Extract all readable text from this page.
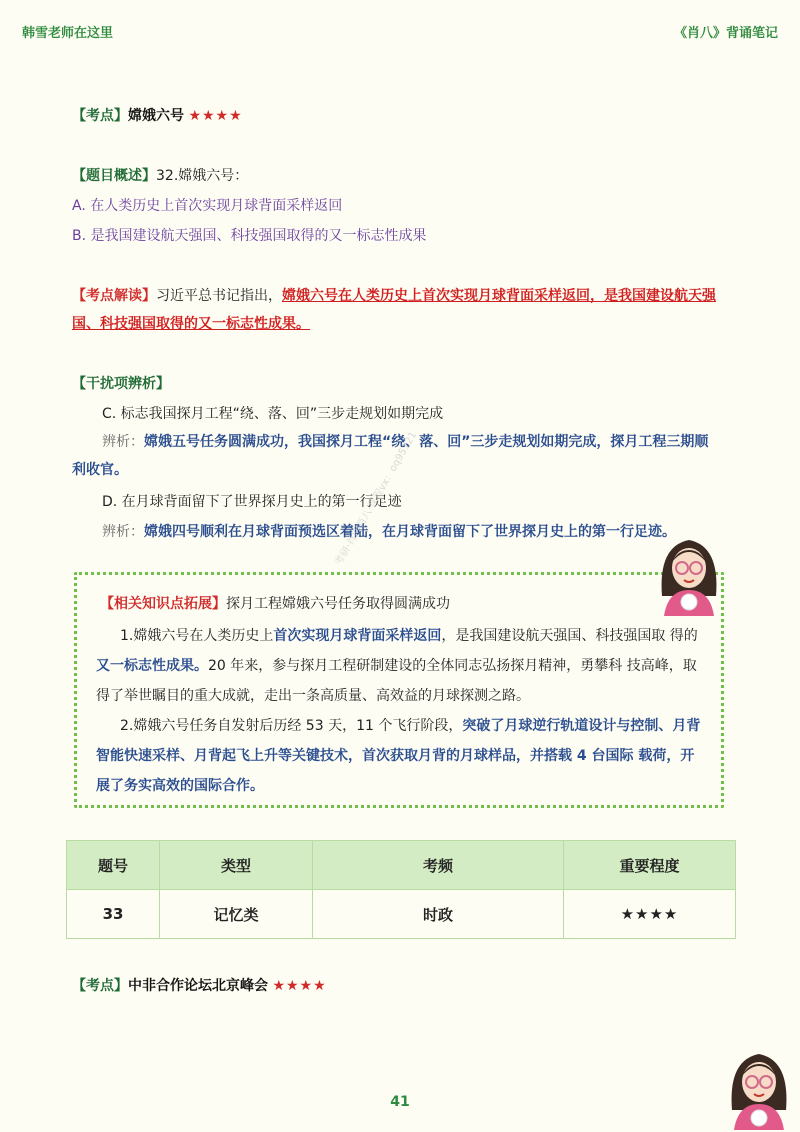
韩雪老师在这里	《肖八》背诵笔记
【考点】嫦娥六号 ★★★★
【题目概述】32.嫦娥六号：
A. 在人类历史上首次实现月球背面采样返回
B. 是我国建设航天强国、科技强国取得的又一标志性成果
【考点解读】习近平总书记指出，嫦娥六号在人类历史上首次实现月球背面采样返回，是我国建设航天强
国、科技强国取得的又一标志性成果。
【干扰项辨析】
C. 标志我国探月工程“绕、落、回”三步走规划如期完成
辨析：嫦娥五号任务圆满成功，我国探月工程“绕、落、回”三步走规划如期完成，探月工程三期顺
利收官。
D. 在月球背面留下了世界探月史上的第一行足迹
辨析：嫦娥四号顺利在月球背面预选区着陆，在月球背面留下了世界探月史上的第一行足迹。
考研·肖四肖八·课程vx：oq95121
【相关知识点拓展】探月工程嫦娥六号任务取得圆满成功
1.嫦娥六号在人类历史上首次实现月球背面采样返回，是我国建设航天强国、科技强国取 得的
又一标志性成果。20 年来，参与探月工程研制建设的全体同志弘扬探月精神，勇攀科 技高峰，取
得了举世瞩目的重大成就，走出一条高质量、高效益的月球探测之路。
2.嫦娥六号任务自发射后历经 53 天，11 个飞行阶段，突破了月球逆行轨道设计与控制、月背
智能快速采样、月背起飞上升等关键技术，首次获取月背的月球样品，并搭载 4 台国际 载荷，开
展了务实高效的国际合作。
题号	类型	考频	重要程度
33	记忆类	时政	★★★★
【考点】中非合作论坛北京峰会 ★★★★
41
